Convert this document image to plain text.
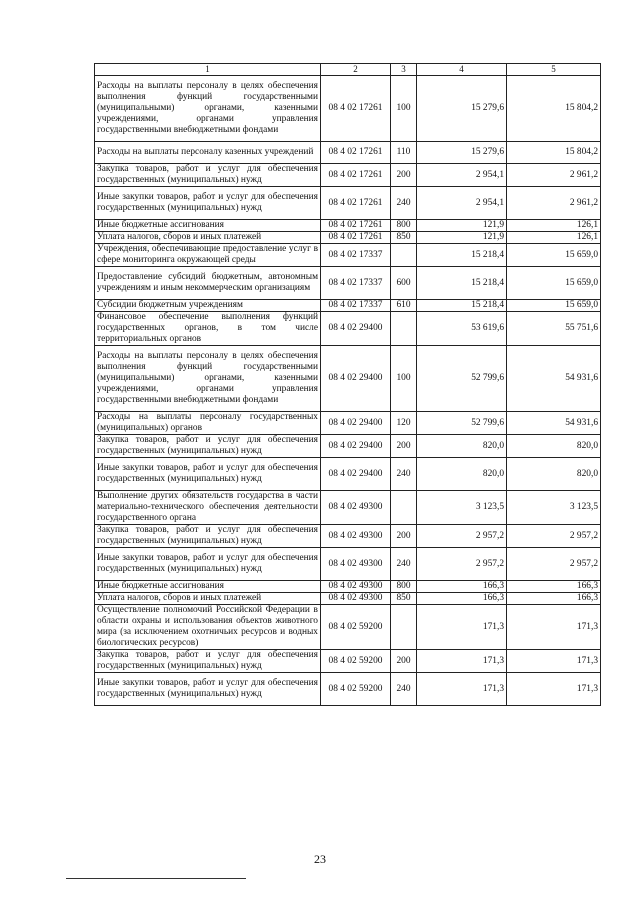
1	2	3	4	5
Расходы на выплаты персоналу в целях обеспечения выполнения функций государственными (муниципальными) органами, казенными учреждениями, органами управления государственными внебюджетными фондами	08 4 02 17261	100	15 279,6	15 804,2
Расходы на выплаты персоналу казенных учреждений	08 4 02 17261	110	15 279,6	15 804,2
Закупка товаров, работ и услуг для обеспечения государственных (муниципальных) нужд	08 4 02 17261	200	2 954,1	2 961,2
Иные закупки товаров, работ и услуг для обеспечения государственных (муниципальных) нужд	08 4 02 17261	240	2 954,1	2 961,2
Иные бюджетные ассигнования	08 4 02 17261	800	121,9	126,1
Уплата налогов, сборов и иных платежей	08 4 02 17261	850	121,9	126,1
Учреждения, обеспечивающие предоставление услуг в сфере мониторинга окружающей среды	08 4 02 17337		15 218,4	15 659,0
Предоставление субсидий бюджетным, автономным учреждениям и иным некоммерческим организациям	08 4 02 17337	600	15 218,4	15 659,0
Субсидии бюджетным учреждениям	08 4 02 17337	610	15 218,4	15 659,0
Финансовое обеспечение выполнения функций государственных органов, в том числе территориальных органов	08 4 02 29400		53 619,6	55 751,6
Расходы на выплаты персоналу в целях обеспечения выполнения функций государственными (муниципальными) органами, казенными учреждениями, органами управления государственными внебюджетными фондами	08 4 02 29400	100	52 799,6	54 931,6
Расходы на выплаты персоналу государственных (муниципальных) органов	08 4 02 29400	120	52 799,6	54 931,6
Закупка товаров, работ и услуг для обеспечения государственных (муниципальных) нужд	08 4 02 29400	200	820,0	820,0
Иные закупки товаров, работ и услуг для обеспечения государственных (муниципальных) нужд	08 4 02 29400	240	820,0	820,0
Выполнение других обязательств государства в части материально-технического обеспечения деятельности государственного органа	08 4 02 49300		3 123,5	3 123,5
Закупка товаров, работ и услуг для обеспечения государственных (муниципальных) нужд	08 4 02 49300	200	2 957,2	2 957,2
Иные закупки товаров, работ и услуг для обеспечения государственных (муниципальных) нужд	08 4 02 49300	240	2 957,2	2 957,2
Иные бюджетные ассигнования	08 4 02 49300	800	166,3	166,3
Уплата налогов, сборов и иных платежей	08 4 02 49300	850	166,3	166,3
Осуществление полномочий Российской Федерации в области охраны и использования объектов животного мира (за исключением охотничьих ресурсов и водных биологических ресурсов)	08 4 02 59200		171,3	171,3
Закупка товаров, работ и услуг для обеспечения государственных (муниципальных) нужд	08 4 02 59200	200	171,3	171,3
Иные закупки товаров, работ и услуг для обеспечения государственных (муниципальных) нужд	08 4 02 59200	240	171,3	171,3
23
